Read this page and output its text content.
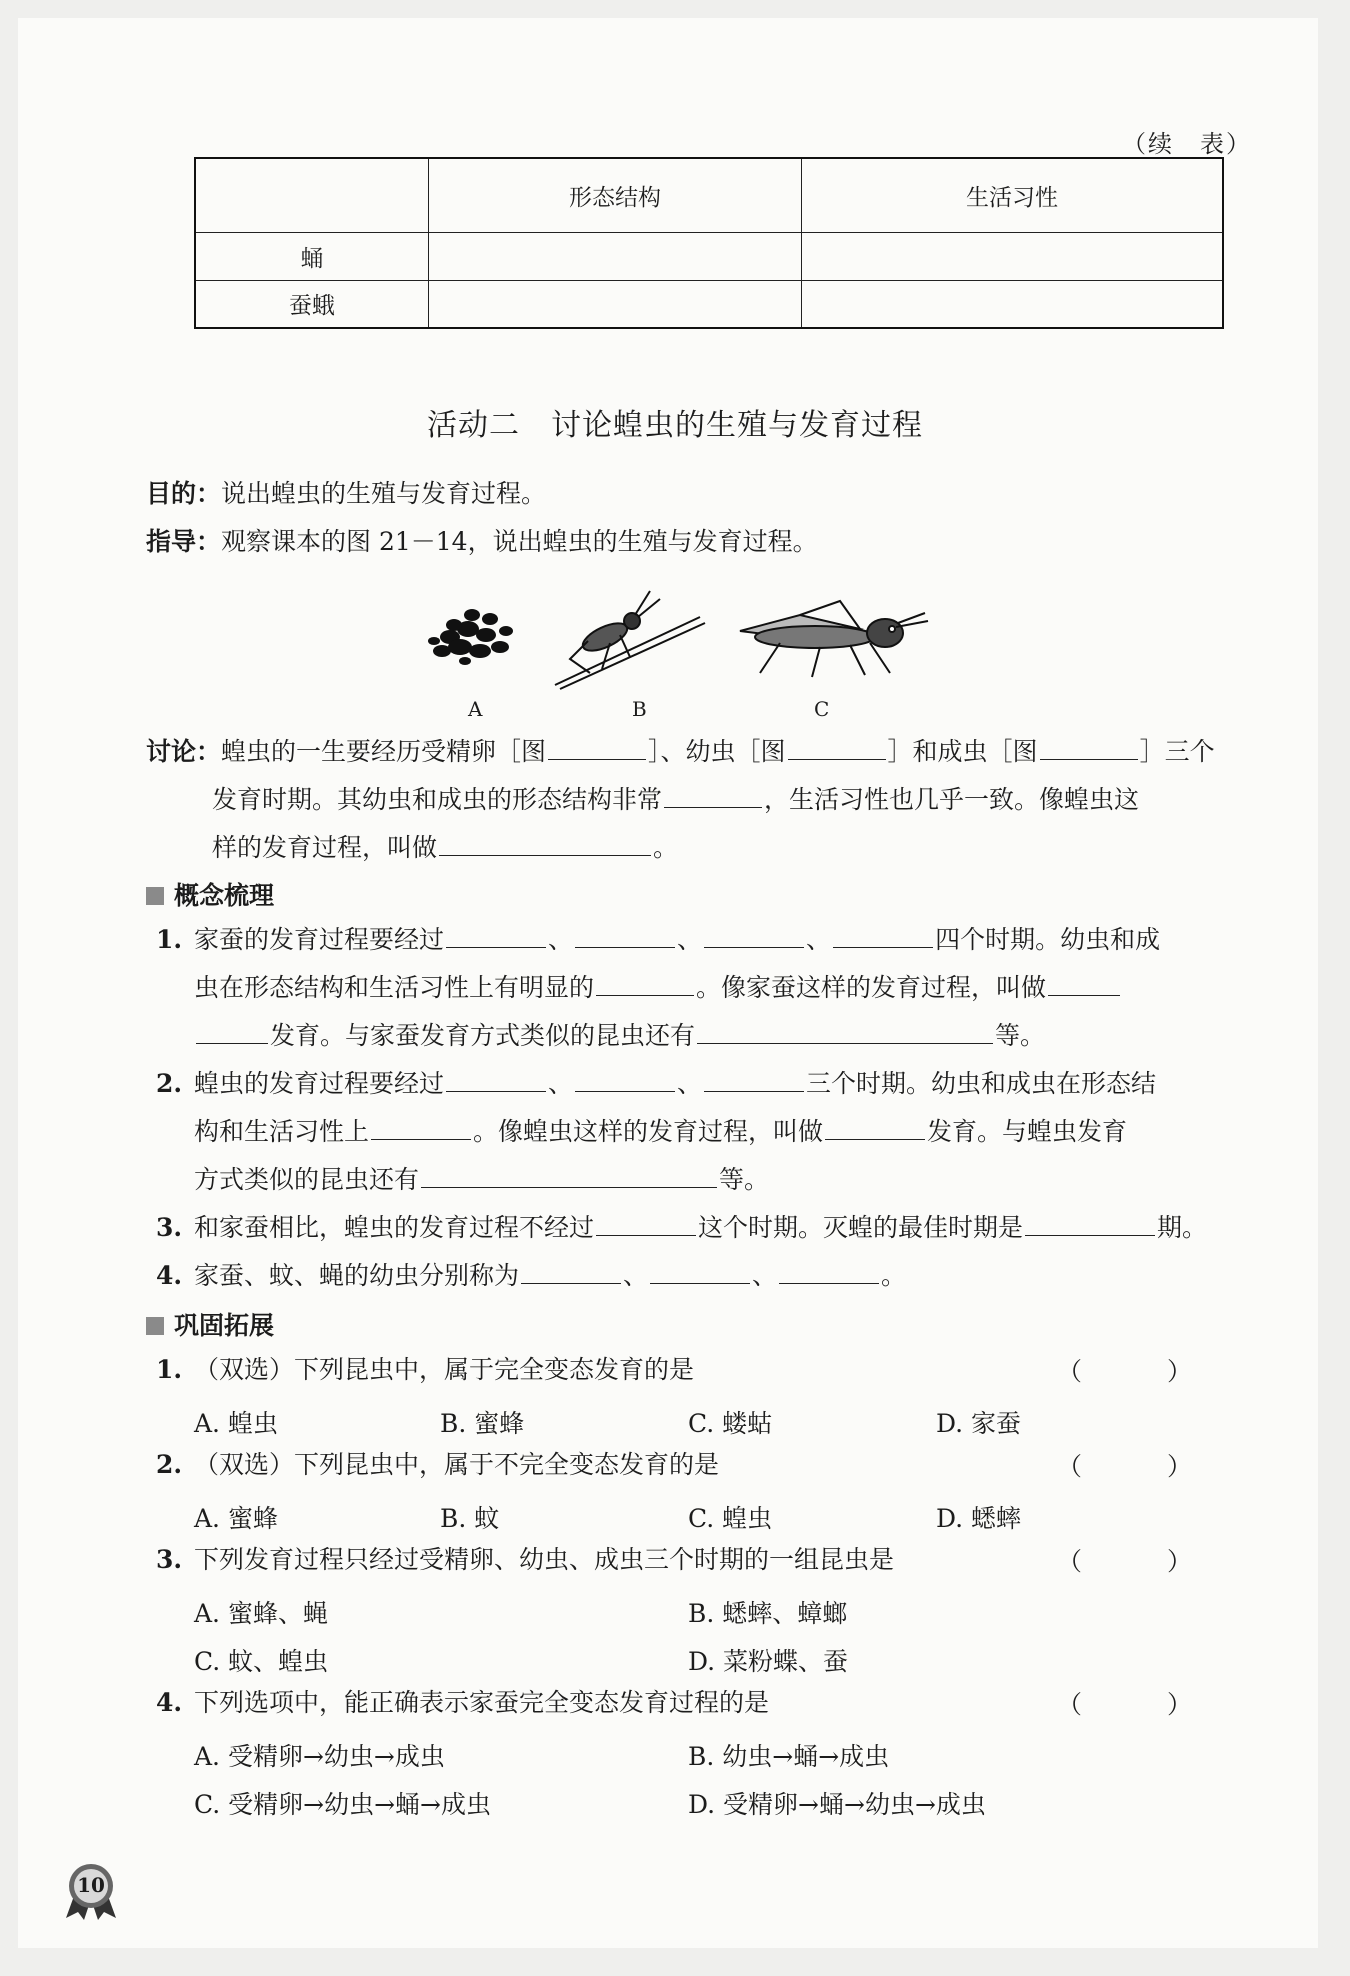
（续　表）
	形态结构	生活习性
蛹		
蚕蛾		
活动二　讨论蝗虫的生殖与发育过程
目的：说出蝗虫的生殖与发育过程。
指导：观察课本的图 21－14，说出蝗虫的生殖与发育过程。
A	B	C
讨论：蝗虫的一生要经历受精卵［图	］、幼虫［图	］和成虫［图	］三个
发育时期。其幼虫和成虫的形态结构非常	，生活习性也几乎一致。像蝗虫这
样的发育过程，叫做	。
概念梳理
1. 家蚕的发育过程要经过	、	、	、	四个时期。幼虫和成
虫在形态结构和生活习性上有明显的	。像家蚕这样的发育过程，叫做
发育。与家蚕发育方式类似的昆虫还有	等。
2. 蝗虫的发育过程要经过	、	、	三个时期。幼虫和成虫在形态结
构和生活习性上	。像蝗虫这样的发育过程，叫做	发育。与蝗虫发育
方式类似的昆虫还有	等。
3. 和家蚕相比，蝗虫的发育过程不经过	这个时期。灭蝗的最佳时期是	期。
4. 家蚕、蚊、蝇的幼虫分别称为	、	、	。
巩固拓展
1. （双选）下列昆虫中，属于完全变态发育的是	（　）
A. 蝗虫	B. 蜜蜂	C. 蝼蛄	D. 家蚕
2. （双选）下列昆虫中，属于不完全变态发育的是	（　）
A. 蜜蜂	B. 蚊	C. 蝗虫	D. 蟋蟀
3. 下列发育过程只经过受精卵、幼虫、成虫三个时期的一组昆虫是	（　）
A. 蜜蜂、蝇	B. 蟋蟀、蟑螂
C. 蚊、蝗虫	D. 菜粉蝶、蚕
4. 下列选项中，能正确表示家蚕完全变态发育过程的是	（　）
A. 受精卵→幼虫→成虫	B. 幼虫→蛹→成虫
C. 受精卵→幼虫→蛹→成虫	D. 受精卵→蛹→幼虫→成虫
10
